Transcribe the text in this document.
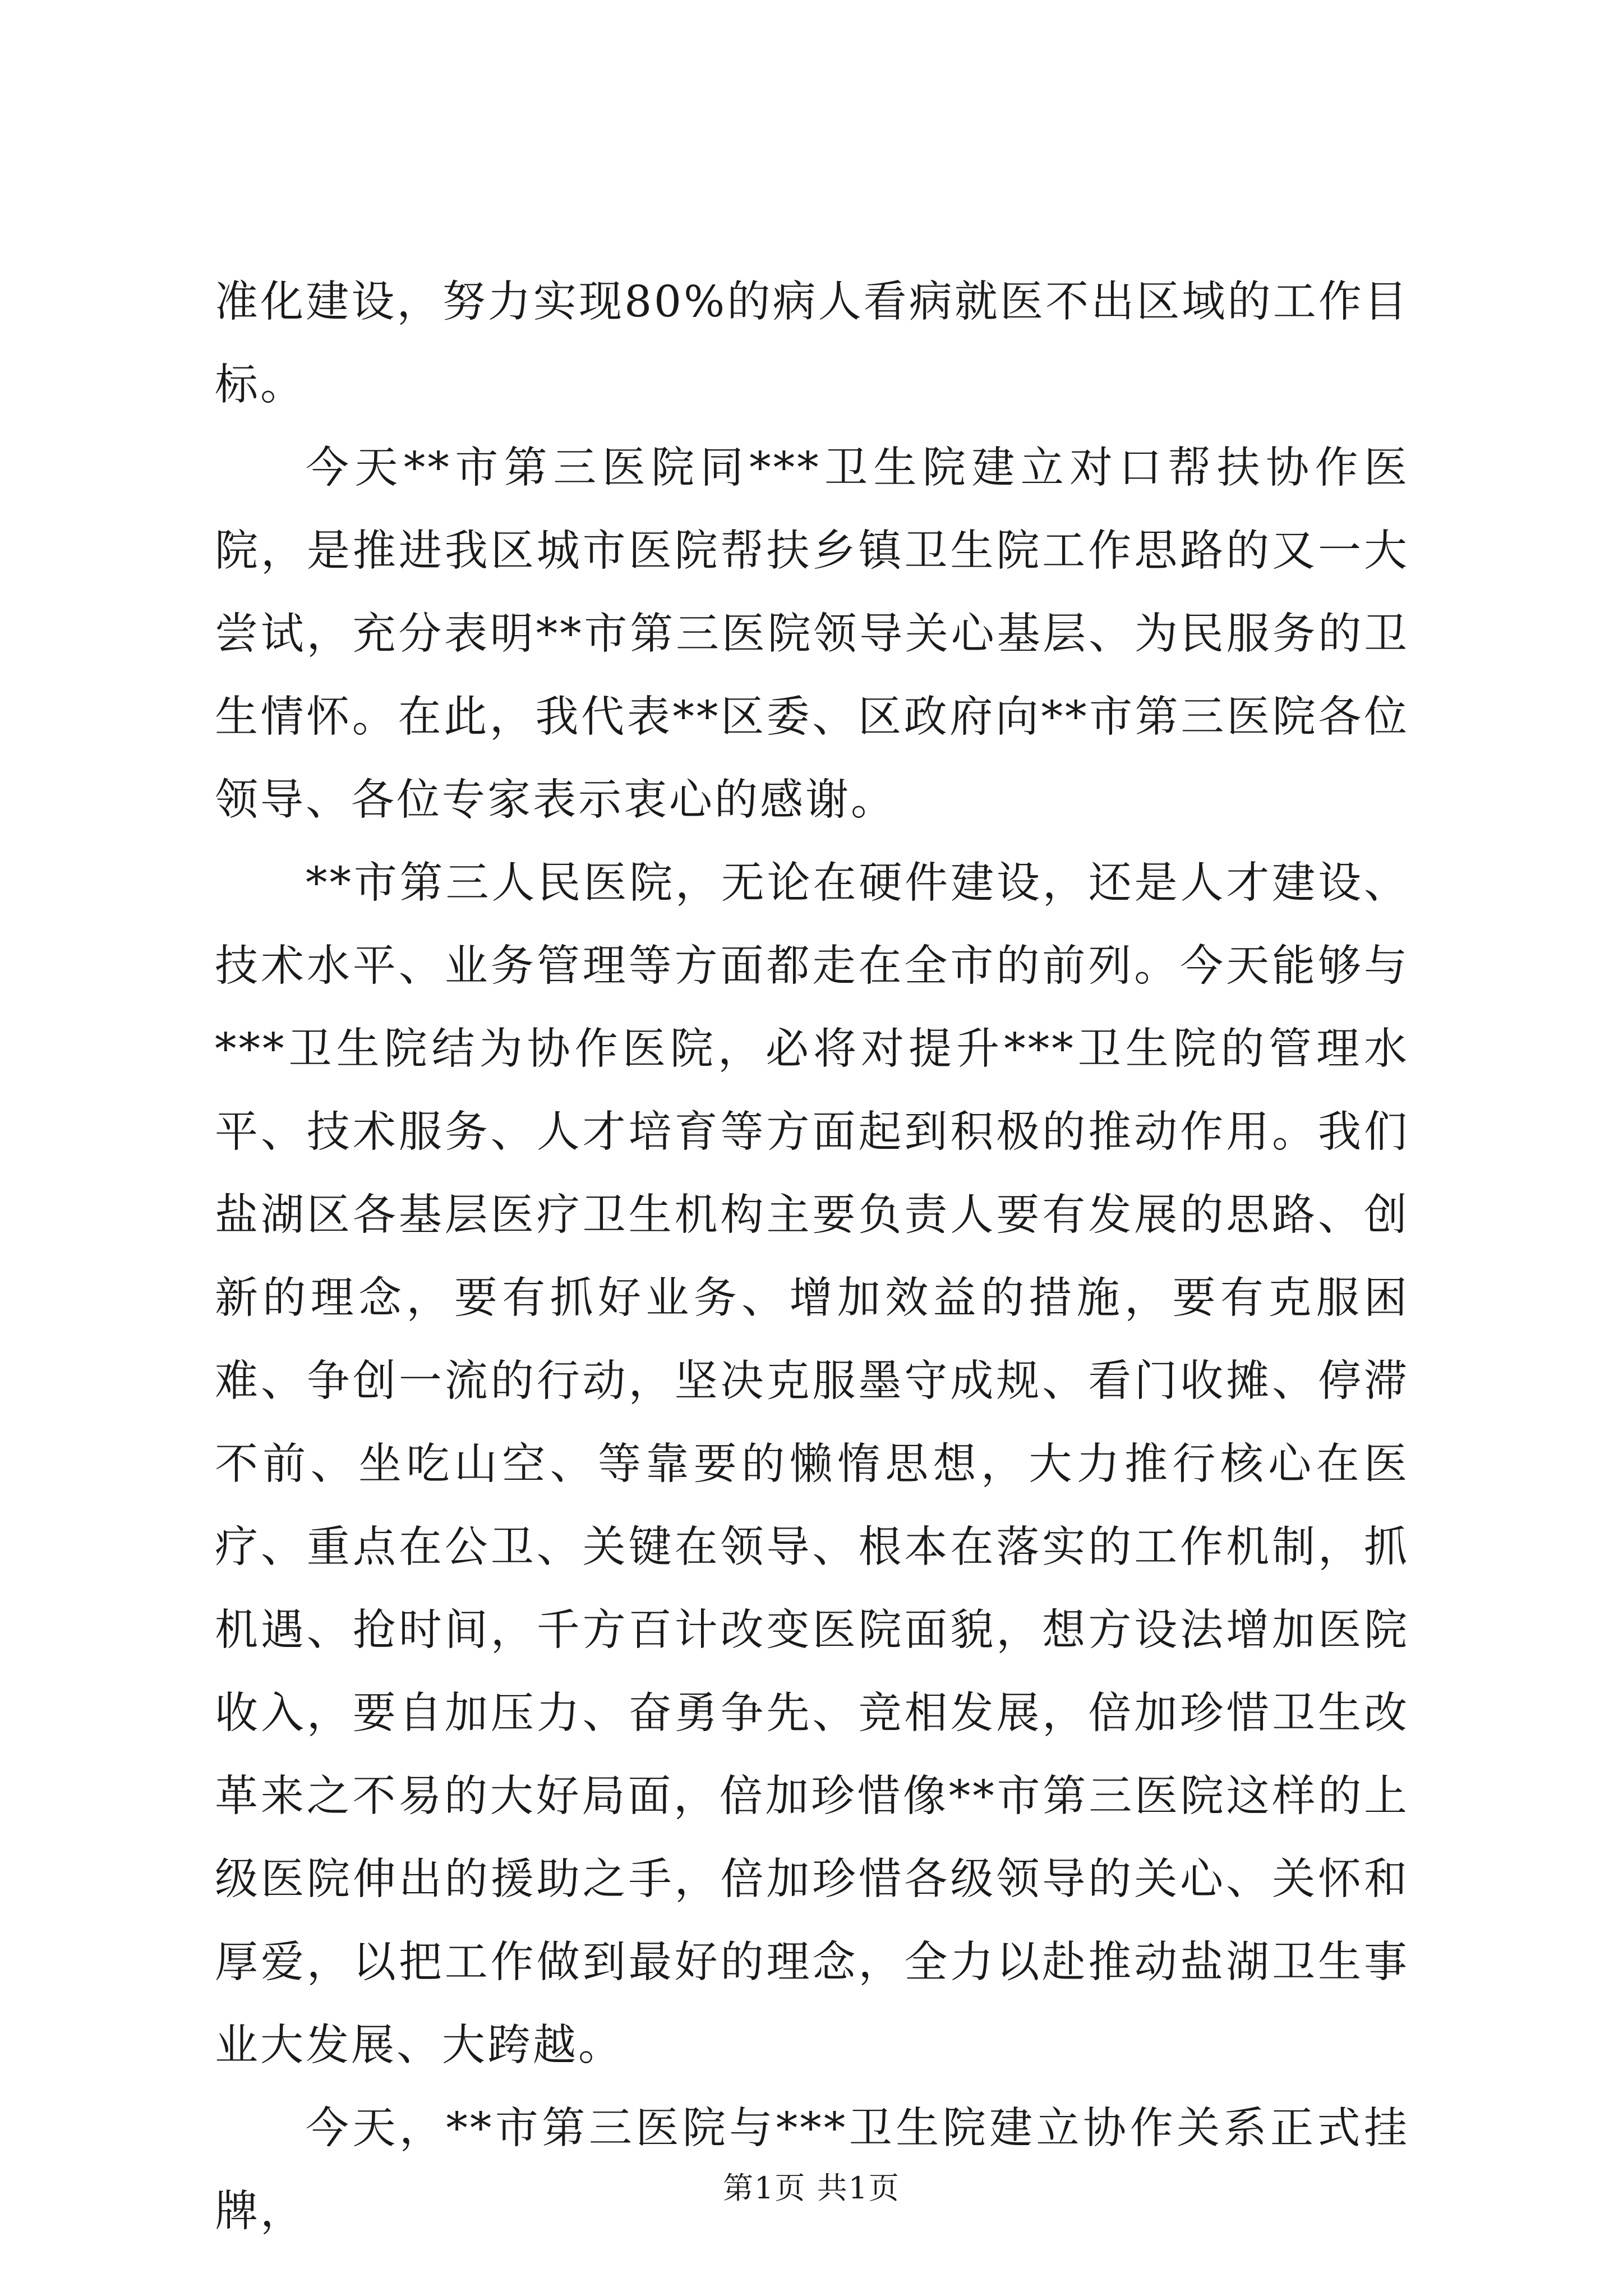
准化建设，努力实现80%的病人看病就医不出区域的工作目标。

今天**市第三医院同***卫生院建立对口帮扶协作医院，是推进我区城市医院帮扶乡镇卫生院工作思路的又一大尝试，充分表明**市第三医院领导关心基层、为民服务的卫生情怀。在此，我代表**区委、区政府向**市第三医院各位领导、各位专家表示衷心的感谢。

**市第三人民医院，无论在硬件建设，还是人才建设、技术水平、业务管理等方面都走在全市的前列。今天能够与***卫生院结为协作医院，必将对提升***卫生院的管理水平、技术服务、人才培育等方面起到积极的推动作用。我们盐湖区各基层医疗卫生机构主要负责人要有发展的思路、创新的理念，要有抓好业务、增加效益的措施，要有克服困难、争创一流的行动，坚决克服墨守成规、看门收摊、停滞不前、坐吃山空、等靠要的懒惰思想，大力推行核心在医疗、重点在公卫、关键在领导、根本在落实的工作机制，抓机遇、抢时间，千方百计改变医院面貌，想方设法增加医院收入，要自加压力、奋勇争先、竞相发展，倍加珍惜卫生改革来之不易的大好局面，倍加珍惜像**市第三医院这样的上级医院伸出的援助之手，倍加珍惜各级领导的关心、关怀和厚爱，以把工作做到最好的理念，全力以赴推动盐湖卫生事业大发展、大跨越。

今天，**市第三医院与***卫生院建立协作关系正式挂牌，	第1页 共1页
